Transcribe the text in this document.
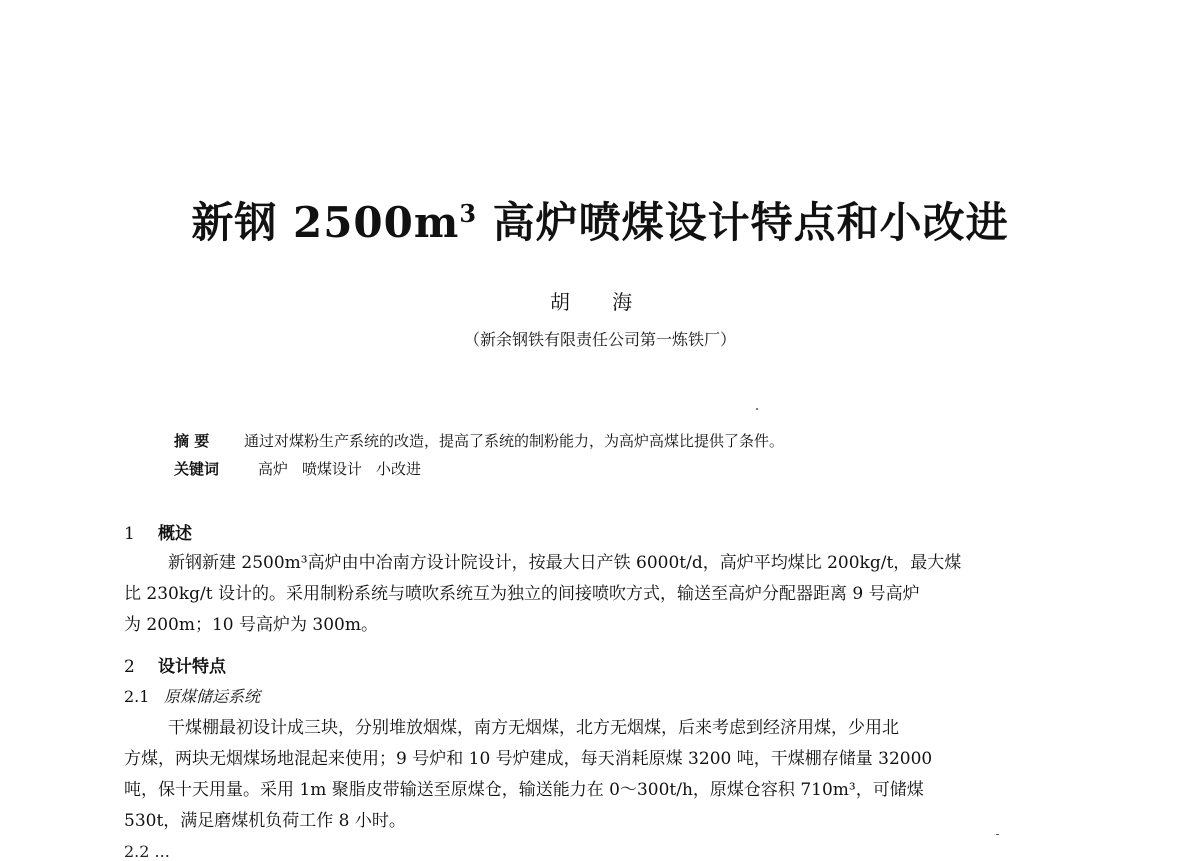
新钢 $2500m^3$ 高炉喷煤设计特点和小改进
胡 海
（新余钢铁有限责任公司第一炼铁厂）
摘 要 通过对煤粉生产系统的改造，提高了系统的制粉能力，为高炉高煤比提供了条件。
关键词	高炉 喷煤设计 小改进
1 概述
新钢新建 2500m³高炉由中冶南方设计院设计，按最大日产铁 6000t/d，高炉平均煤比 200kg/t，最大煤
比 230kg/t 设计的。采用制粉系统与喷吹系统互为独立的间接喷吹方式，输送至高炉分配器距离 9 号高炉
为 200m；10 号高炉为 300m。
2 设计特点
2.1 原煤储运系统
干煤棚最初设计成三块，分别堆放烟煤，南方无烟煤，北方无烟煤，后来考虑到经济用煤，少用北
方煤，两块无烟煤场地混起来使用；9 号炉和 10 号炉建成，每天消耗原煤 3200 吨，干煤棚存储量 32000
吨，保十天用量。采用 1m 聚脂皮带输送至原煤仓，输送能力在 0～300t/h，原煤仓容积 710m³，可储煤
530t，满足磨煤机负荷工作 8 小时。
2.2 ...
